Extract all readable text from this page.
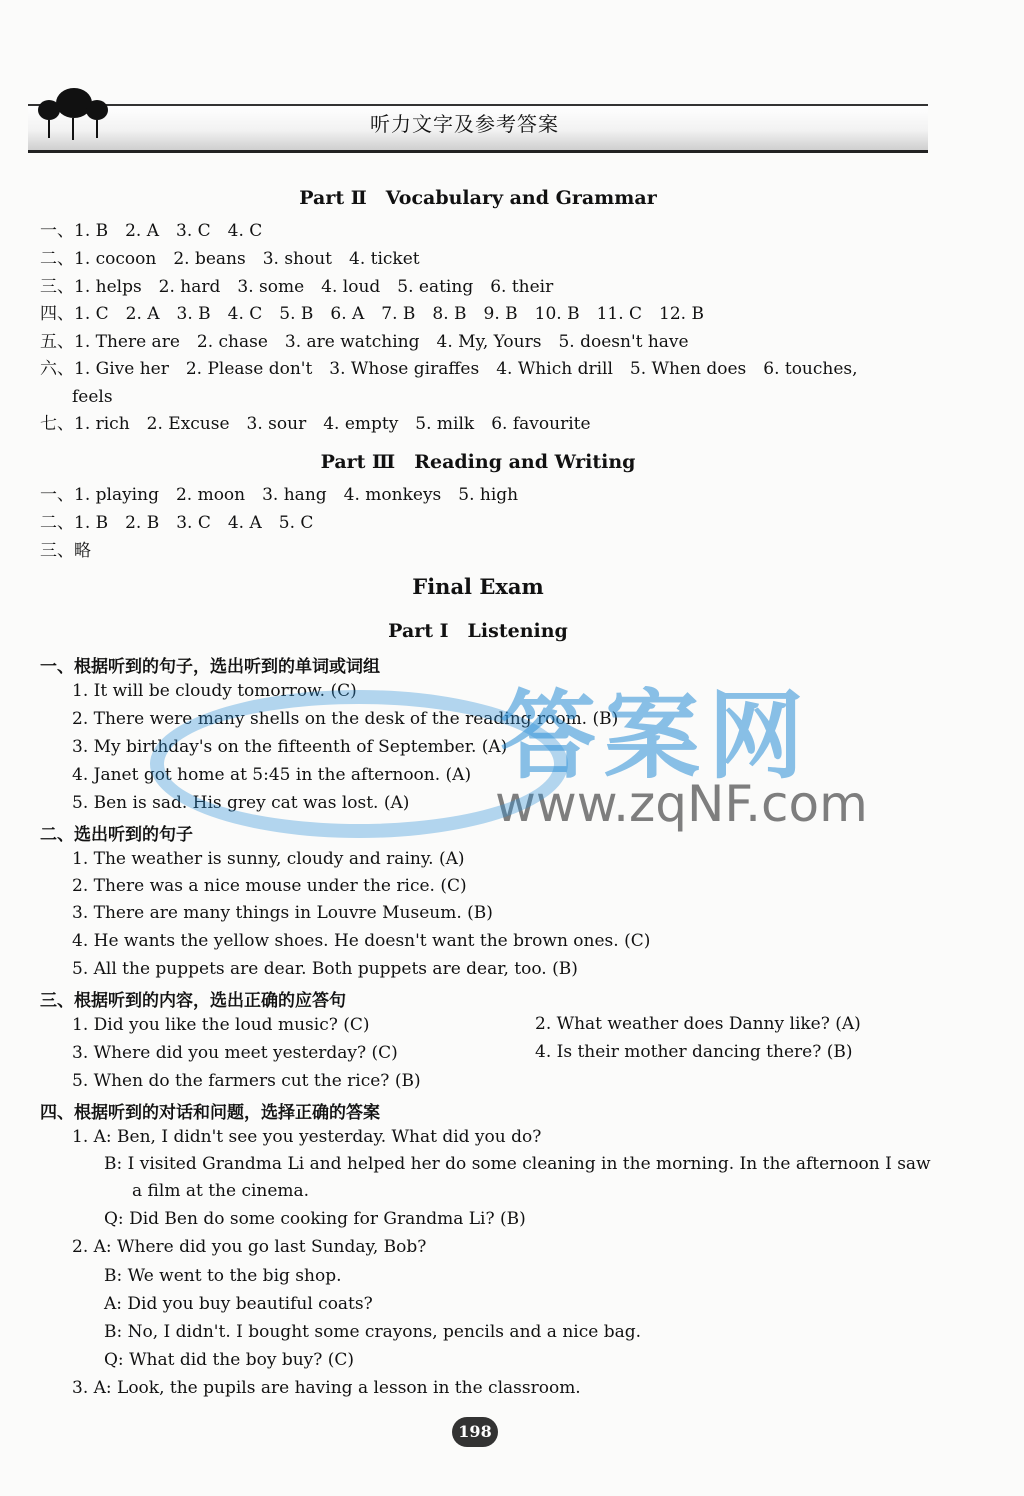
听力文字及参考答案
Part Ⅱ　Vocabulary and Grammar
一、1. B　2. A　3. C　4. C
二、1. cocoon　2. beans　3. shout　4. ticket
三、1. helps　2. hard　3. some　4. loud　5. eating　6. their
四、1. C　2. A　3. B　4. C　5. B　6. A　7. B　8. B　9. B　10. B　11. C　12. B
五、1. There are　2. chase　3. are watching　4. My, Yours　5. doesn't have
六、1. Give her　2. Please don't　3. Whose giraffes　4. Which drill　5. When does　6. touches,
feels
七、1. rich　2. Excuse　3. sour　4. empty　5. milk　6. favourite
Part Ⅲ　Reading and Writing
一、1. playing　2. moon　3. hang　4. monkeys　5. high
二、1. B　2. B　3. C　4. A　5. C
三、略
Final Exam
Part Ⅰ　Listening
一、根据听到的句子，选出听到的单词或词组
1. It will be cloudy tomorrow. (C)
2. There were many shells on the desk of the reading room. (B)
3. My birthday's on the fifteenth of September. (A)
4. Janet got home at 5:45 in the afternoon. (A)
5. Ben is sad. His grey cat was lost. (A)
二、选出听到的句子
1. The weather is sunny, cloudy and rainy. (A)
2. There was a nice mouse under the rice. (C)
3. There are many things in Louvre Museum. (B)
4. He wants the yellow shoes. He doesn't want the brown ones. (C)
5. All the puppets are dear. Both puppets are dear, too. (B)
三、根据听到的内容，选出正确的应答句
1. Did you like the loud music? (C)	2. What weather does Danny like? (A)
3. Where did you meet yesterday? (C)	4. Is their mother dancing there? (B)
5. When do the farmers cut the rice? (B)
四、根据听到的对话和问题，选择正确的答案
1. A: Ben, I didn't see you yesterday. What did you do?
B: I visited Grandma Li and helped her do some cleaning in the morning. In the afternoon I saw
a film at the cinema.
Q: Did Ben do some cooking for Grandma Li? (B)
2. A: Where did you go last Sunday, Bob?
B: We went to the big shop.
A: Did you buy beautiful coats?
B: No, I didn't. I bought some crayons, pencils and a nice bag.
Q: What did the boy buy? (C)
3. A: Look, the pupils are having a lesson in the classroom.
答案网
www.zqNF.com
198
